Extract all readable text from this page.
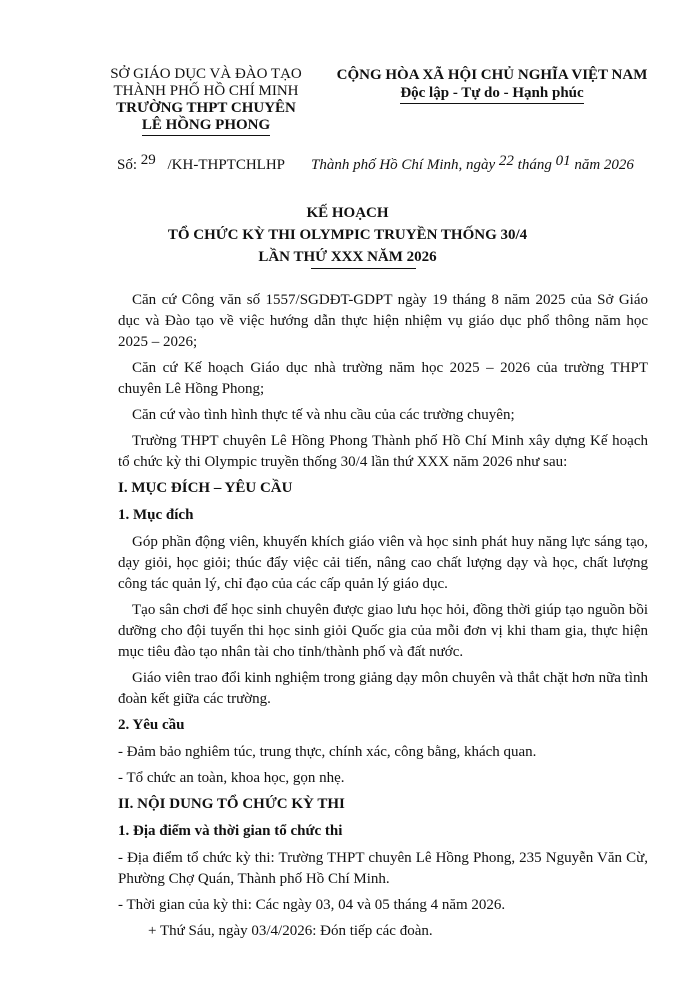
SỞ GIÁO DỤC VÀ ĐÀO TẠO
THÀNH PHỐ HỒ CHÍ MINH
TRƯỜNG THPT CHUYÊN
LÊ HỒNG PHONG
CỘNG HÒA XÃ HỘI CHỦ NGHĨA VIỆT NAM
Độc lập - Tự do - Hạnh phúc
Số: 29 /KH-THPTCHLHP Thành phố Hồ Chí Minh, ngày 22 tháng 01 năm 2026
KẾ HOẠCH
TỔ CHỨC KỲ THI OLYMPIC TRUYỀN THỐNG 30/4
LẦN THỨ XXX NĂM 2026

Căn cứ Công văn số 1557/SGDĐT-GDPT ngày 19 tháng 8 năm 2025 của Sở Giáo dục và Đào tạo về việc hướng dẫn thực hiện nhiệm vụ giáo dục phổ thông năm học 2025 – 2026;

Căn cứ Kế hoạch Giáo dục nhà trường năm học 2025 – 2026 của trường THPT chuyên Lê Hồng Phong;

Căn cứ vào tình hình thực tế và nhu cầu của các trường chuyên;

Trường THPT chuyên Lê Hồng Phong Thành phố Hồ Chí Minh xây dựng Kế hoạch tổ chức kỳ thi Olympic truyền thống 30/4 lần thứ XXX năm 2026 như sau:

I. MỤC ĐÍCH – YÊU CẦU
1. Mục đích

Góp phần động viên, khuyến khích giáo viên và học sinh phát huy năng lực sáng tạo, dạy giỏi, học giỏi; thúc đẩy việc cải tiến, nâng cao chất lượng dạy và học, chất lượng công tác quản lý, chỉ đạo của các cấp quản lý giáo dục.

Tạo sân chơi để học sinh chuyên được giao lưu học hỏi, đồng thời giúp tạo nguồn bồi dưỡng cho đội tuyển thi học sinh giỏi Quốc gia của mỗi đơn vị khi tham gia, thực hiện mục tiêu đào tạo nhân tài cho tỉnh/thành phố và đất nước.

Giáo viên trao đổi kinh nghiệm trong giảng dạy môn chuyên và thắt chặt hơn nữa tình đoàn kết giữa các trường.

2. Yêu cầu

- Đảm bảo nghiêm túc, trung thực, chính xác, công bằng, khách quan.

- Tổ chức an toàn, khoa học, gọn nhẹ.

II. NỘI DUNG TỔ CHỨC KỲ THI
1. Địa điểm và thời gian tổ chức thi

- Địa điểm tổ chức kỳ thi: Trường THPT chuyên Lê Hồng Phong, 235 Nguyễn Văn Cừ, Phường Chợ Quán, Thành phố Hồ Chí Minh.

- Thời gian của kỳ thi: Các ngày 03, 04 và 05 tháng 4 năm 2026.

+ Thứ Sáu, ngày 03/4/2026: Đón tiếp các đoàn.
